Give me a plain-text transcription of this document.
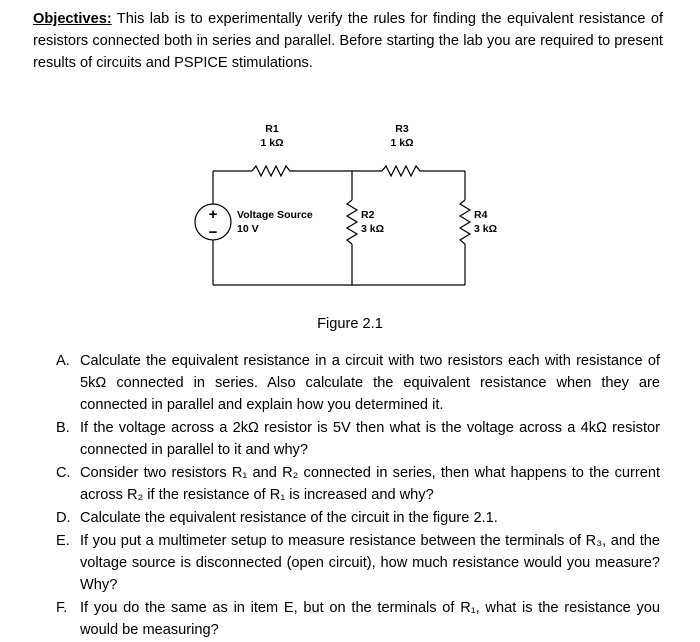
Objectives: This lab is to experimentally verify the rules for finding the equivalent resistance of resistors connected both in series and parallel. Before starting the lab you are required to present results of circuits and PSPICE stimulations.

+
−
R1
1 kΩ
R3
1 kΩ
Voltage Source
10 V
R2
3 kΩ
R4
3 kΩ
Figure 2.1
A. Calculate the equivalent resistance in a circuit with two resistors each with resistance of 5kΩ connected in series. Also calculate the equivalent resistance when they are connected in parallel and explain how you determined it.
B. If the voltage across a 2kΩ resistor is 5V then what is the voltage across a 4kΩ resistor connected in parallel to it and why?
C. Consider two resistors R₁ and R₂ connected in series, then what happens to the current across R₂ if the resistance of R₁ is increased and why?
D. Calculate the equivalent resistance of the circuit in the figure 2.1.
E. If you put a multimeter setup to measure resistance between the terminals of R₃, and the voltage source is disconnected (open circuit), how much resistance would you measure? Why?
F. If you do the same as in item E, but on the terminals of R₁, what is the resistance you would be measuring?
